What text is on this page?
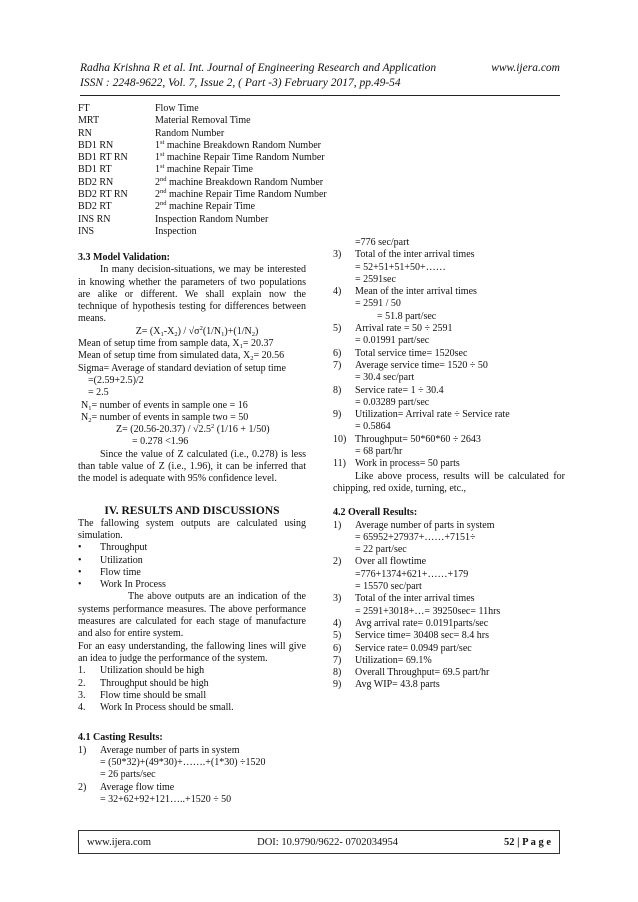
Radha Krishna R et al. Int. Journal of Engineering Research and Application	www.ijera.com
ISSN : 2248-9622, Vol. 7, Issue 2, ( Part -3) February 2017, pp.49-54
FT	Flow Time
MRT	Material Removal Time
RN	Random Number
BD1 RN	1st machine Breakdown Random Number
BD1 RT RN	1st machine Repair Time Random Number
BD1 RT	1st machine Repair Time
BD2 RN	2nd machine Breakdown Random Number
BD2 RT RN	2nd machine Repair Time Random Number
BD2 RT	2nd machine Repair Time
INS RN	Inspection Random Number
INS	Inspection

3.3 Model Validation:

In many decision-situations, we may be interested in knowing whether the parameters of two populations are alike or different. We shall explain now the technique of hypothesis testing for differences between means.

$Z= (X_1-X_2) / √\sigma^2(1/N_1)+(1/N_2)$

Mean of setup time from sample data, $X_1= 20.37$

Mean of setup time from simulated data, $X_2= 20.56$

Sigma= Average of standard deviation of setup time

=(2.59+2.5)/2

= 2.5

$N_1=$ number of events in sample one = 16

$N_2=$ number of events in sample two = 50

$Z= (20.56-20.37) / √2.5^2$ (1/16 + 1/50)

= 0.278 <1.96

Since the value of Z calculated (i.e., 0.278) is less than table value of Z (i.e., 1.96), it can be inferred that the model is adequate with 95% confidence level.

IV. RESULTS AND DISCUSSIONS

The fallowing system outputs are calculated using simulation.

•	Throughput
•	Utilization
•	Flow time
•	Work In Process

The above outputs are an indication of the systems performance measures. The above performance measures are calculated for each stage of manufacture and also for entire system.

For an easy understanding, the fallowing lines will give an idea to judge the performance of the system.

1.	Utilization should be high
2.	Throughput should be high
3.	Flow time should be small
4.	Work In Process should be small.

4.1 Casting Results:

1)	Average number of parts in system

= (50*32)+(49*30)+…….+(1*30) ÷1520

= 26 parts/sec

2)	Average flow time

= 32+62+92+121…..+1520 ÷ 50

=776 sec/part

3)	Total of the inter arrival times
= 52+51+51+50+……
= 2591sec
4)	Mean of the inter arrival times
= 2591 / 50
= 51.8 part/sec
5)	Arrival rate = 50 ÷ 2591
= 0.01991 part/sec
6)	Total service time= 1520sec
7)	Average service time= 1520 ÷ 50
= 30.4 sec/part
8)	Service rate= 1 ÷ 30.4
= 0.03289 part/sec
9)	Utilization= Arrival rate ÷ Service rate
= 0.5864
10) Throughput= 50*60*60 ÷ 2643
= 68 part/hr
11) Work in process= 50 parts

Like above process, results will be calculated for chipping, red oxide, turning, etc.,

4.2 Overall Results:

1)	Average number of parts in system
= 65952+27937+……+7151÷
= 22 part/sec
2)	Over all flowtime
=776+1374+621+……+179
= 15570 sec/part
3)	Total of the inter arrival times
= 2591+3018+…= 39250sec= 11hrs
4)	Avg arrival rate= 0.0191parts/sec
5)	Service time= 30408 sec= 8.4 hrs
6)	Service rate= 0.0949 part/sec
7)	Utilization= 69.1%
8)	Overall Throughput= 69.5 part/hr
9)	Avg WIP= 43.8 parts
www.ijera.com	DOI: 10.9790/9622- 0702034954	52 | P a g e
